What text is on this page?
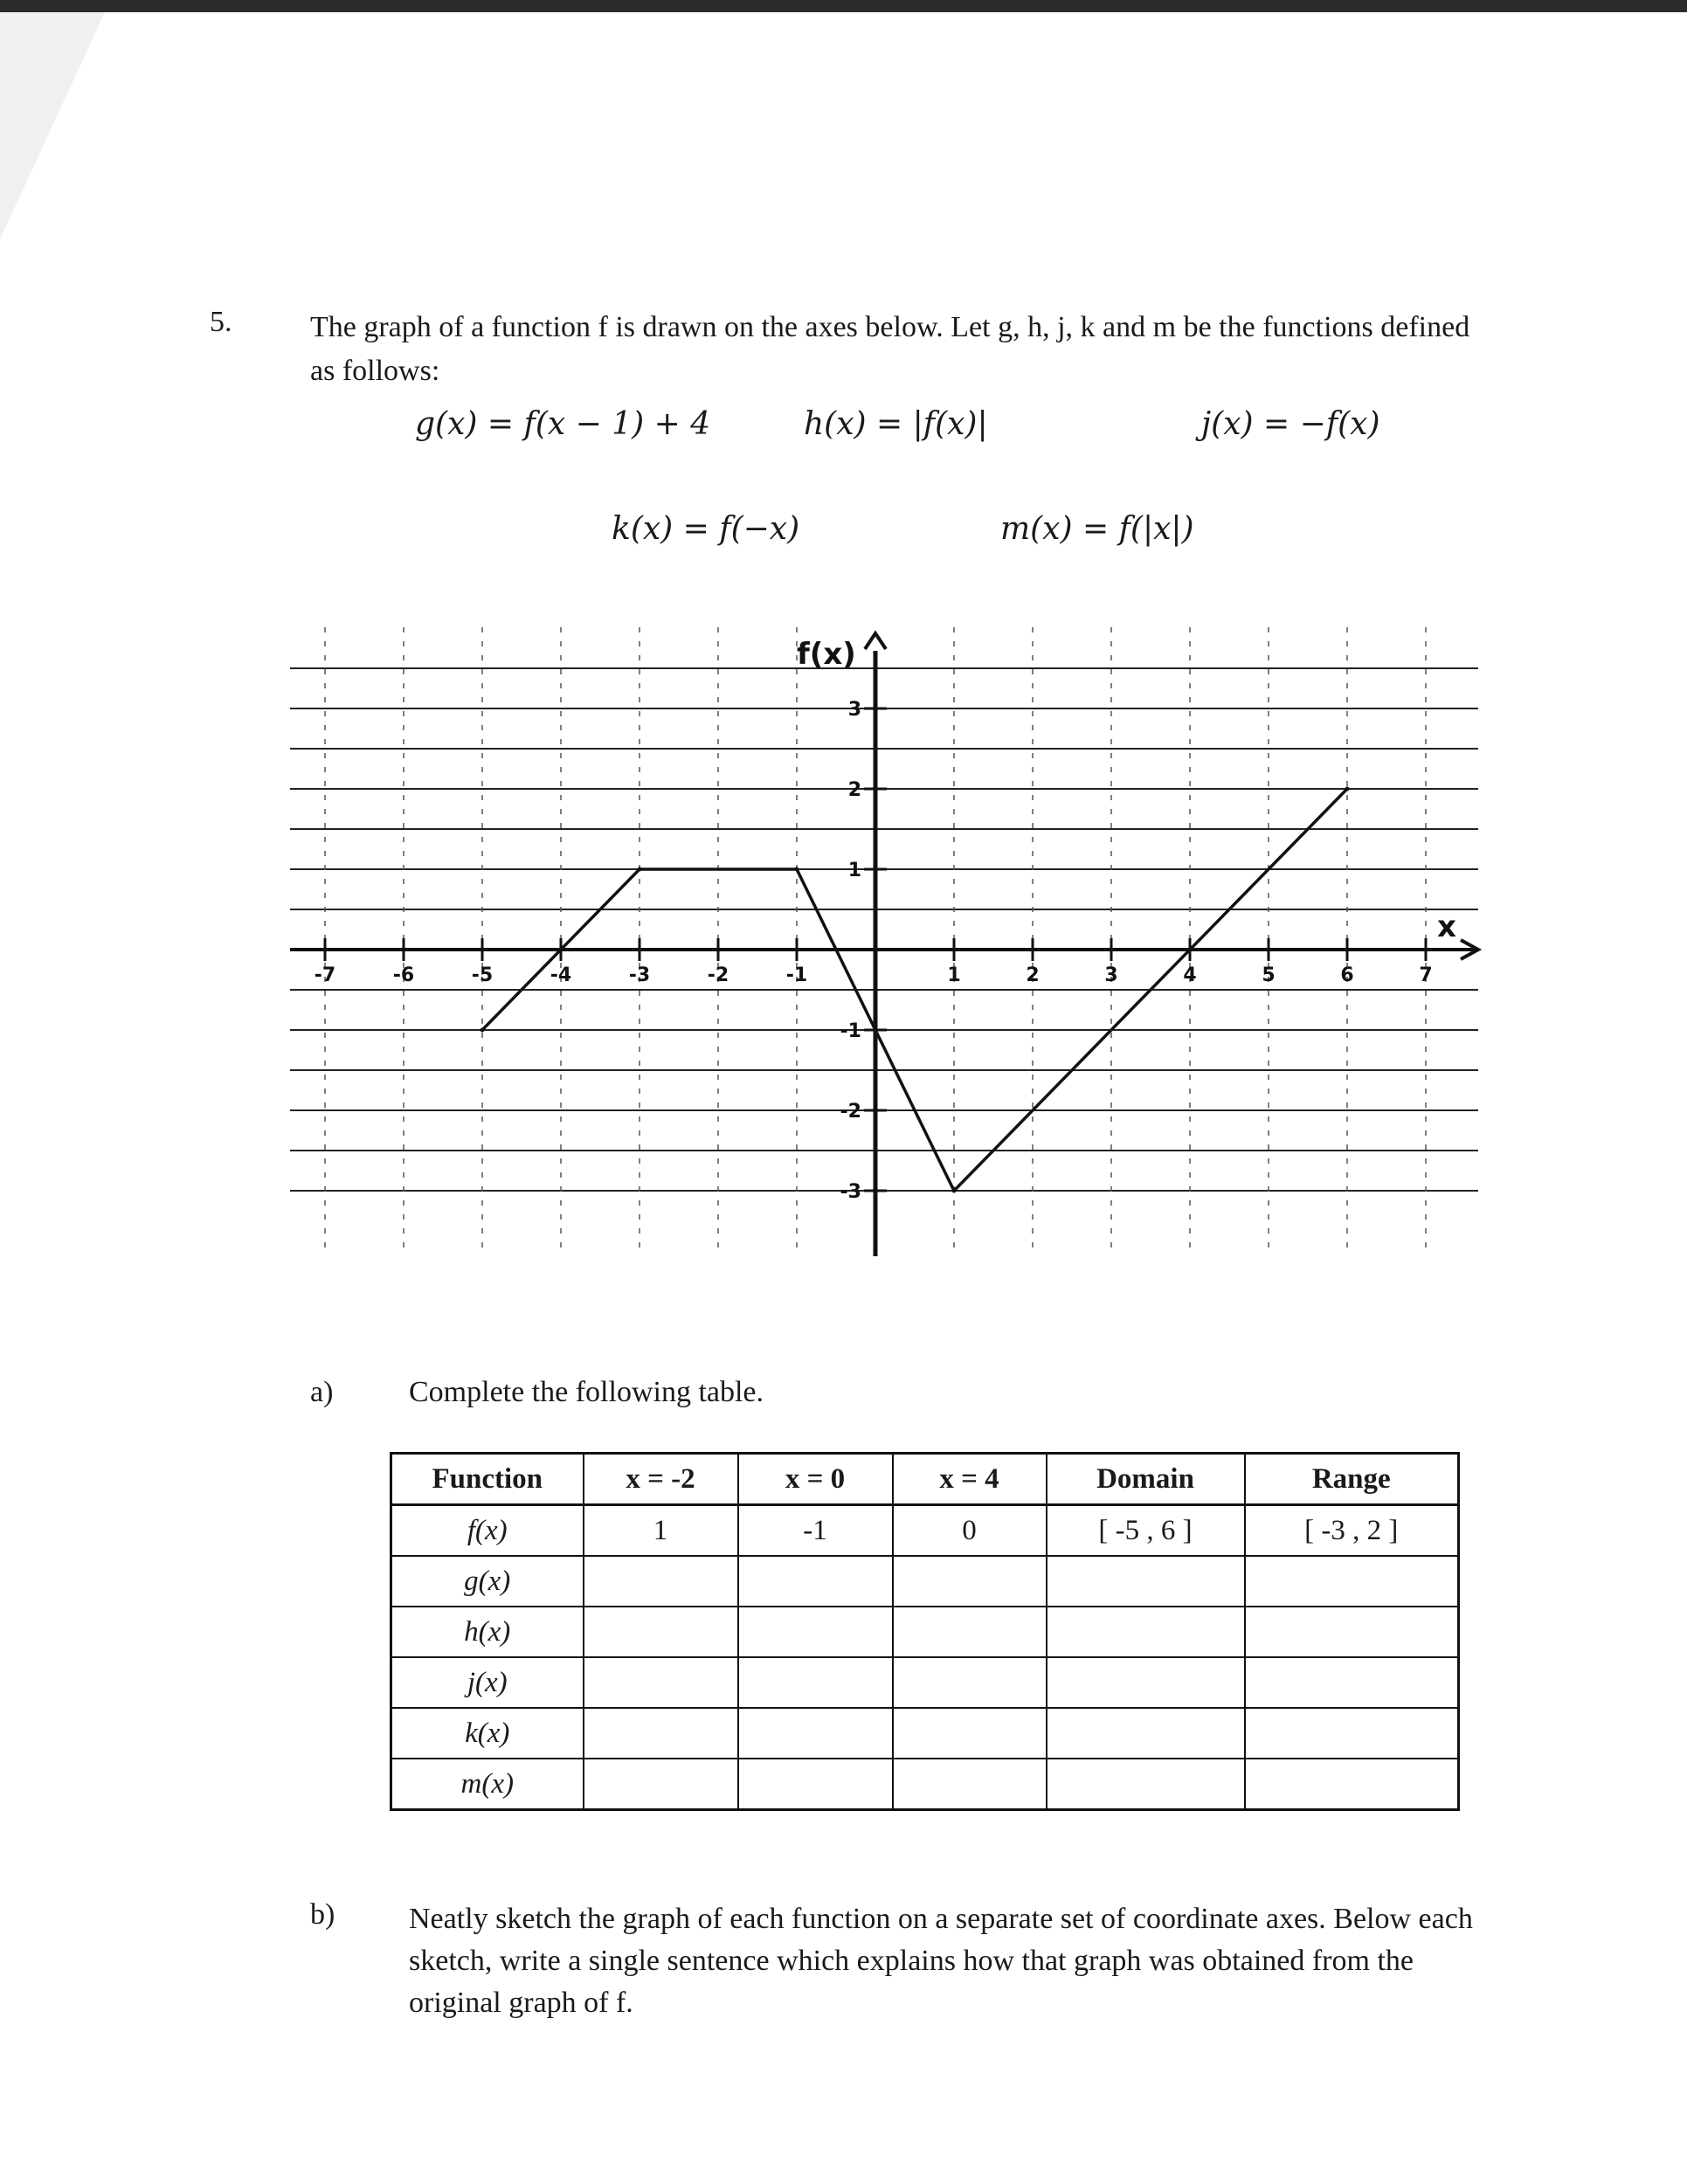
5.	The graph of a function f is drawn on the axes below. Let g, h, j, k and m be the functions defined as follows:
g(x) = f(x − 1) + 4	h(x) = |f(x)|	j(x) = −f(x)
k(x) = f(−x)	m(x) = f(|x|)
f(x)
x
-7	-6	-5	-4	-3	-2	-1	1	2	3	4	5	6	7
3
2
1
-1
-2
-3
a)	Complete the following table.
Function	x = -2	x = 0	x = 4	Domain	Range
f(x)	1	-1	0	[ -5 , 6 ]	[ -3 , 2 ]
g(x)					
h(x)					
j(x)					
k(x)					
m(x)					
b) Neatly sketch the graph of each function on a separate set of coordinate axes. Below each sketch, write a single sentence which explains how that graph was obtained from the original graph of f.
